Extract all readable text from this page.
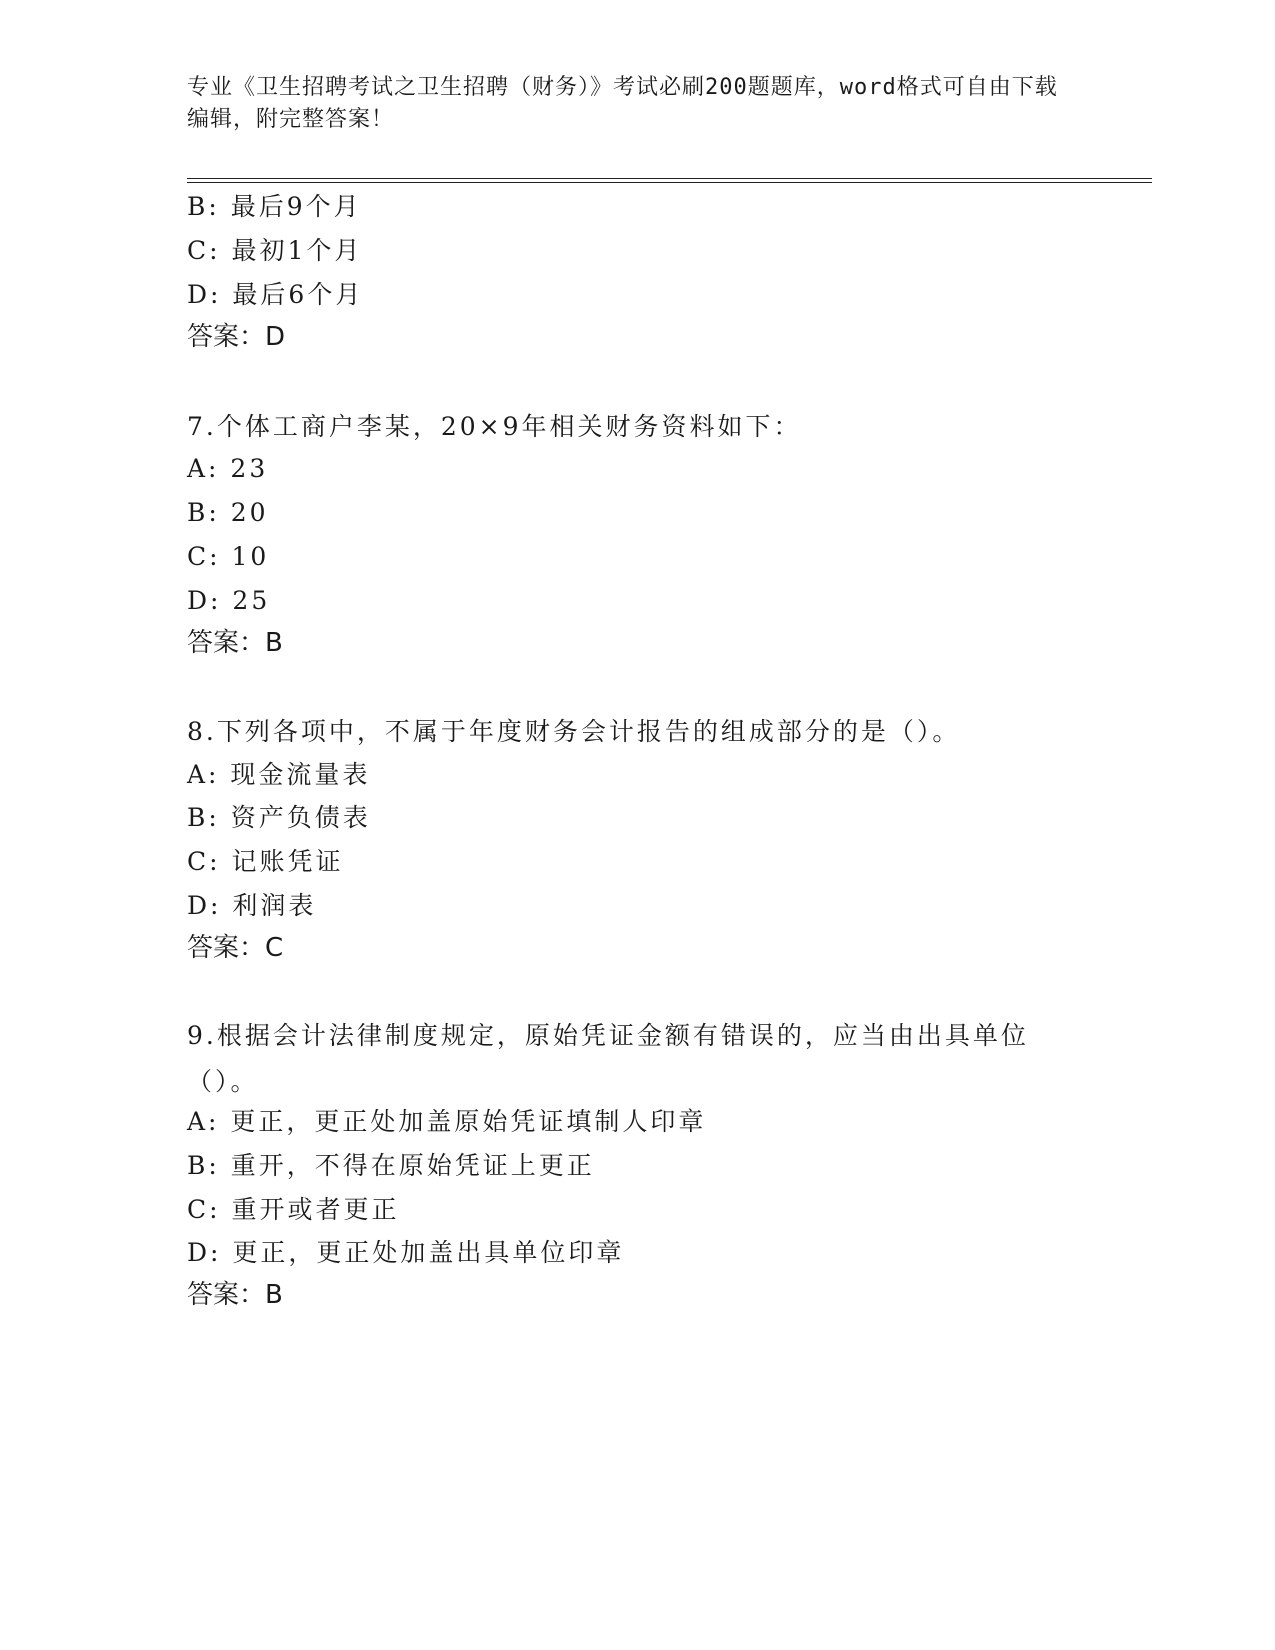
专业《卫生招聘考试之卫生招聘（财务）》考试必刷200题题库，word格式可自由下载编辑，附完整答案！
B: 最后9个月
C: 最初1个月
D: 最后6个月
答案：D
7.个体工商户李某，20×9年相关财务资料如下：
A: 23
B: 20
C: 10
D: 25
答案：B
8.下列各项中，不属于年度财务会计报告的组成部分的是（）。
A: 现金流量表
B: 资产负债表
C: 记账凭证
D: 利润表
答案：C
9.根据会计法律制度规定，原始凭证金额有错误的，应当由出具单位（）。
A: 更正，更正处加盖原始凭证填制人印章
B: 重开，不得在原始凭证上更正
C: 重开或者更正
D: 更正，更正处加盖出具单位印章
答案：B
